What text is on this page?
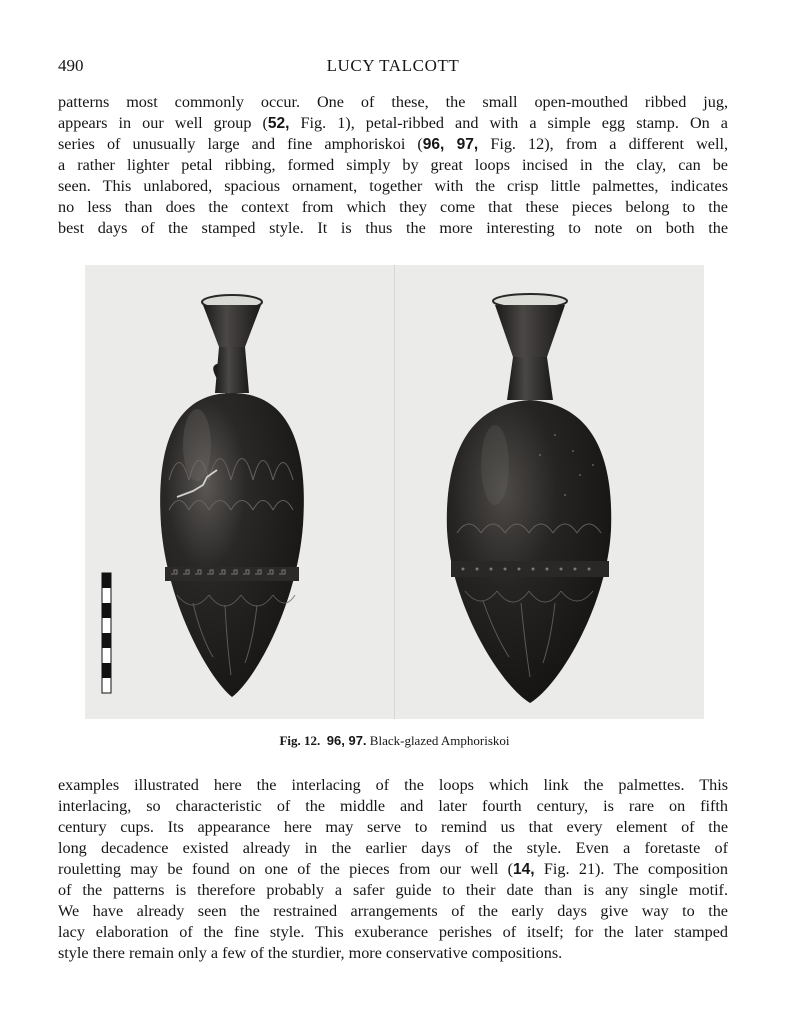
490	LUCY TALCOTT
patterns most commonly occur. One of these, the small open-mouthed ribbed jug,
appears in our well group (52, Fig. 1), petal-ribbed and with a simple egg stamp. On a
series of unusually large and fine amphoriskoi (96, 97, Fig. 12), from a different well,
a rather lighter petal ribbing, formed simply by great loops incised in the clay, can be
seen. This unlabored, spacious ornament, together with the crisp little palmettes, indicates
no less than does the context from which they come that these pieces belong to the
best days of the stamped style. It is thus the more interesting to note on both the
Fig. 12. 96, 97. Black-glazed Amphoriskoi
examples illustrated here the interlacing of the loops which link the palmettes. This
interlacing, so characteristic of the middle and later fourth century, is rare on fifth
century cups. Its appearance here may serve to remind us that every element of the
long decadence existed already in the earlier days of the style. Even a foretaste of
rouletting may be found on one of the pieces from our well (14, Fig. 21). The composition
of the patterns is therefore probably a safer guide to their date than is any single motif.
We have already seen the restrained arrangements of the early days give way to the
lacy elaboration of the fine style. This exuberance perishes of itself; for the later stamped
style there remain only a few of the sturdier, more conservative compositions.
